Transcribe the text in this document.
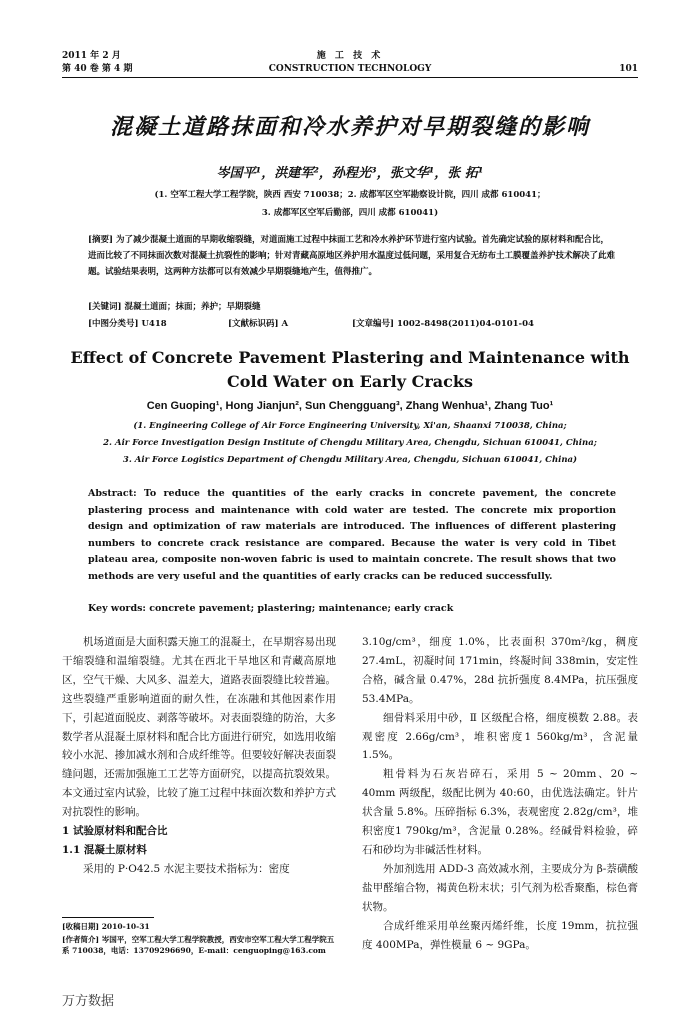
2011 年 2 月
第 40 卷 第 4 期
施 工 技 术
CONSTRUCTION TECHNOLOGY	101
混凝土道路抹面和冷水养护对早期裂缝的影响
岑国平¹，洪建军²，孙程光³，张文华¹，张 拓¹
(1. 空军工程大学工程学院，陕西 西安 710038；2. 成都军区空军勘察设计院，四川 成都 610041；
3. 成都军区空军后勤部，四川 成都 610041)
[摘要] 为了减少混凝土道面的早期收缩裂缝，对道面施工过程中抹面工艺和冷水养护环节进行室内试验。首先确定试验的原材料和配合比，进而比较了不同抹面次数对混凝土抗裂性的影响；针对青藏高原地区养护用水温度过低问题，采用复合无纺布土工膜覆盖养护技术解决了此难题。试验结果表明，这两种方法都可以有效减少早期裂缝地产生，值得推广。
[关键词] 混凝土道面；抹面；养护；早期裂缝
[中图分类号] U418	[文献标识码] A	[文章编号] 1002-8498(2011)04-0101-04
Effect of Concrete Pavement Plastering and Maintenance with
Cold Water on Early Cracks
Cen Guoping¹, Hong Jianjun², Sun Chengguang³, Zhang Wenhua¹, Zhang Tuo¹
(1. Engineering College of Air Force Engineering University, Xi'an, Shaanxi 710038, China;
2. Air Force Investigation Design Institute of Chengdu Military Area, Chengdu, Sichuan 610041, China;
3. Air Force Logistics Department of Chengdu Military Area, Chengdu, Sichuan 610041, China)
Abstract: To reduce the quantities of the early cracks in concrete pavement, the concrete plastering process and maintenance with cold water are tested. The concrete mix proportion design and optimization of raw materials are introduced. The influences of different plastering numbers to concrete crack resistance are compared. Because the water is very cold in Tibet plateau area, composite non-woven fabric is used to maintain concrete. The result shows that two methods are very useful and the quantities of early cracks can be reduced successfully.
Key words: concrete pavement; plastering; maintenance; early crack

机场道面是大面积露天施工的混凝土，在早期容易出现干缩裂缝和温缩裂缝。尤其在西北干旱地区和青藏高原地区，空气干燥、大风多、温差大，道路表面裂缝比较普遍。这些裂缝严重影响道面的耐久性，在冻融和其他因素作用下，引起道面脱皮、剥落等破坏。对表面裂缝的防治，大多数学者从混凝土原材料和配合比方面进行研究，如选用收缩较小水泥、掺加减水剂和合成纤维等。但要较好解决表面裂缝问题，还需加强施工工艺等方面研究，以提高抗裂效果。本文通过室内试验，比较了施工过程中抹面次数和养护方式对抗裂性的影响。

1 试验原材料和配合比

1.1 混凝土原材料

采用的 P·O42.5 水泥主要技术指标为：密度

[收稿日期] 2010-10-31
[作者简介] 岑国平，空军工程大学工程学院教授，西安市空军工程大学工程学院五系 710038，电话：13709296690，E-mail：cenguoping@163.com

3.10g/cm³，细度 1.0%，比表面积 370m²/kg，稠度 27.4mL，初凝时间 171min，终凝时间 338min，安定性合格，碱含量 0.47%，28d 抗折强度 8.4MPa，抗压强度 53.4MPa。

细骨料采用中砂，Ⅱ 区级配合格，细度模数 2.88。表观密度 2.66g/cm³，堆积密度1 560kg/m³，含泥量 1.5%。

粗骨料为石灰岩碎石，采用 5 ~ 20mm、20 ~ 40mm 两级配，级配比例为 40:60，由优选法确定。针片状含量 5.8%。压碎指标 6.3%，表观密度 2.82g/cm³，堆积密度1 790kg/m³，含泥量 0.28%。经碱骨料检验，碎石和砂均为非碱活性材料。

外加剂选用 ADD-3 高效减水剂，主要成分为 β-萘磺酸盐甲醛缩合物，褐黄色粉末状；引气剂为松香聚酯，棕色膏状物。

合成纤维采用单丝聚丙烯纤维，长度 19mm，抗拉强度 400MPa，弹性模量 6 ~ 9GPa。

万方数据
